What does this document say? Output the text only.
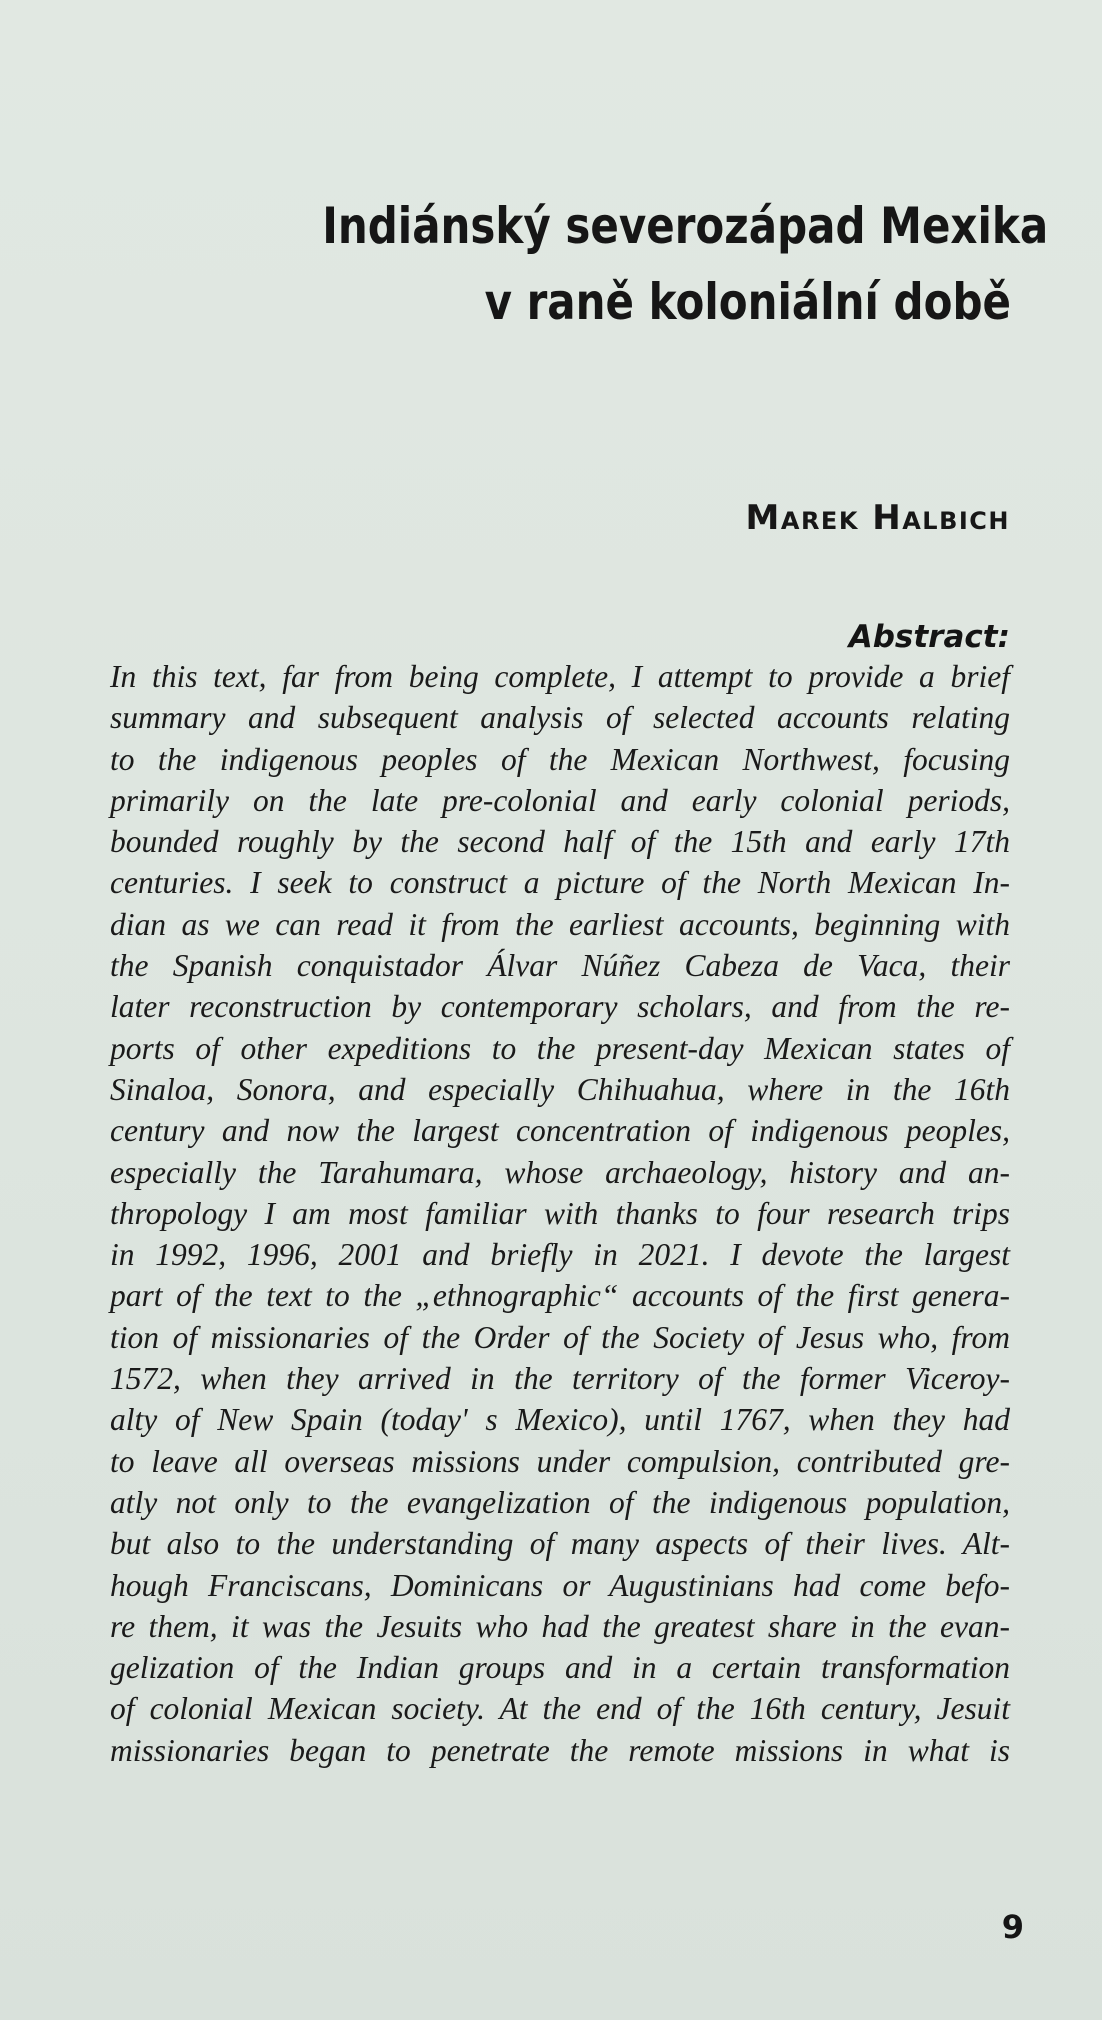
Indiánský severozápad Mexika
v raně koloniální době
Marek Halbich
Abstract:
In this text, far from being complete, I attempt to provide a brief
summary and subsequent analysis of selected accounts relating
to the indigenous peoples of the Mexican Northwest, focusing
primarily on the late pre-colonial and early colonial periods,
bounded roughly by the second half of the 15th and early 17th
centuries. I seek to construct a picture of the North Mexican In-
dian as we can read it from the earliest accounts, beginning with
the Spanish conquistador Álvar Núñez Cabeza de Vaca, their
later reconstruction by contemporary scholars, and from the re-
ports of other expeditions to the present-day Mexican states of
Sinaloa, Sonora, and especially Chihuahua, where in the 16th
century and now the largest concentration of indigenous peoples,
especially the Tarahumara, whose archaeology, history and an-
thropology I am most familiar with thanks to four research trips
in 1992, 1996, 2001 and briefly in 2021. I devote the largest
part of the text to the „ethnographic“ accounts of the first genera-
tion of missionaries of the Order of the Society of Jesus who, from
1572, when they arrived in the territory of the former Viceroy-
alty of New Spain (today' s Mexico), until 1767, when they had
to leave all overseas missions under compulsion, contributed gre-
atly not only to the evangelization of the indigenous population,
but also to the understanding of many aspects of their lives. Alt-
hough Franciscans, Dominicans or Augustinians had come befo-
re them, it was the Jesuits who had the greatest share in the evan-
gelization of the Indian groups and in a certain transformation
of colonial Mexican society. At the end of the 16th century, Jesuit
missionaries began to penetrate the remote missions in what is
9
